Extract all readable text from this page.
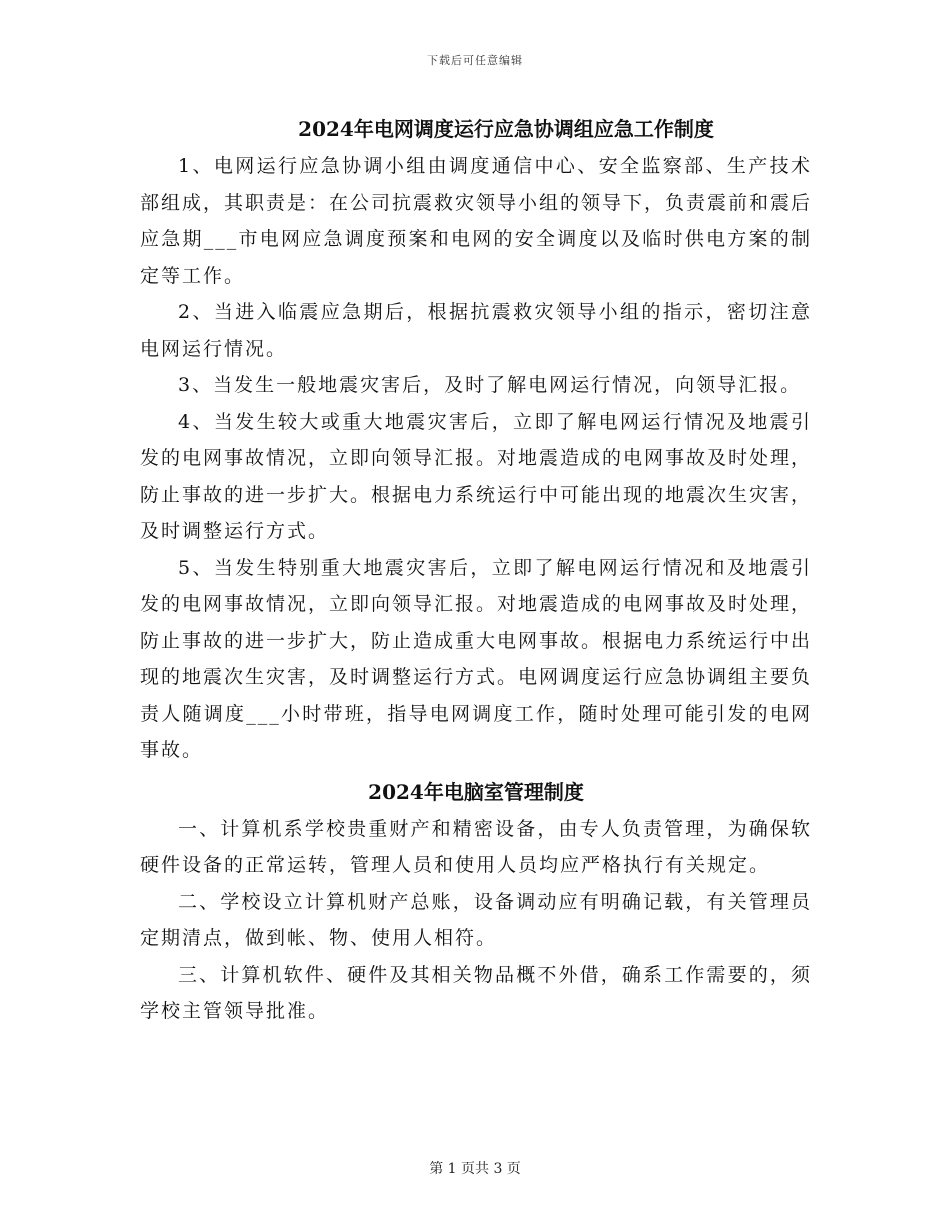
下载后可任意编辑
2024年电网调度运行应急协调组应急工作制度

1、电网运行应急协调小组由调度通信中心、安全监察部、生产技术部组成，其职责是：在公司抗震救灾领导小组的领导下，负责震前和震后应急期___市电网应急调度预案和电网的安全调度以及临时供电方案的制定等工作。

2、当进入临震应急期后，根据抗震救灾领导小组的指示，密切注意电网运行情况。

3、当发生一般地震灾害后，及时了解电网运行情况，向领导汇报。

4、当发生较大或重大地震灾害后，立即了解电网运行情况及地震引发的电网事故情况，立即向领导汇报。对地震造成的电网事故及时处理，防止事故的进一步扩大。根据电力系统运行中可能出现的地震次生灾害，及时调整运行方式。

5、当发生特别重大地震灾害后，立即了解电网运行情况和及地震引发的电网事故情况，立即向领导汇报。对地震造成的电网事故及时处理，防止事故的进一步扩大，防止造成重大电网事故。根据电力系统运行中出现的地震次生灾害，及时调整运行方式。电网调度运行应急协调组主要负责人随调度___小时带班，指导电网调度工作，随时处理可能引发的电网事故。

2024年电脑室管理制度

一、计算机系学校贵重财产和精密设备，由专人负责管理，为确保软硬件设备的正常运转，管理人员和使用人员均应严格执行有关规定。

二、学校设立计算机财产总账，设备调动应有明确记载，有关管理员定期清点，做到帐、物、使用人相符。

三、计算机软件、硬件及其相关物品概不外借，确系工作需要的，须学校主管领导批准。

第 1 页共 3 页
